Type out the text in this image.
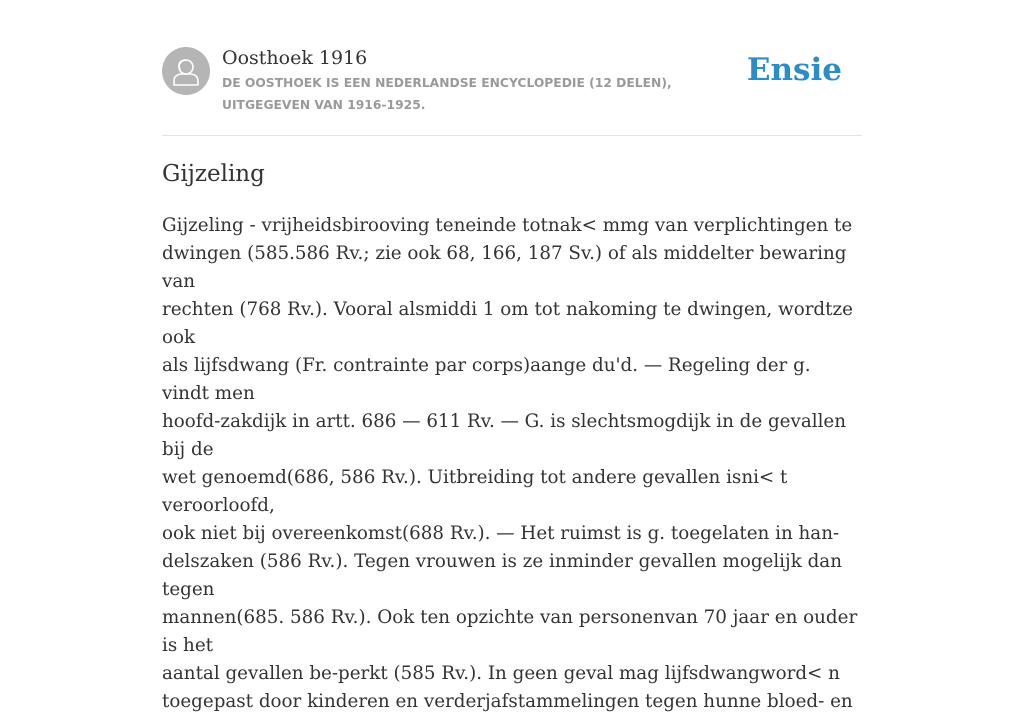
Oosthoek 1916
DE OOSTHOEK IS EEN NEDERLANDSE ENCYCLOPEDIE (12 DELEN), UITGEGEVEN VAN 1916-1925.
Ensie
Gijzeling
Gijzeling - vrijheidsbirooving teneinde totnak< mmg van verplichtingen te
dwingen (585.586 Rv.; zie ook 68, 166, 187 Sv.) of als middelter bewaring van
rechten (768 Rv.). Vooral alsmiddi 1 om tot nakoming te dwingen, wordtze ook
als lijfsdwang (Fr. contrainte par corps)aange du'd. — Regeling der g. vindt men
hoofd-zakdijk in artt. 686 — 611 Rv. — G. is slechtsmogdijk in de gevallen bij de
wet genoemd(686, 586 Rv.). Uitbreiding tot andere gevallen isni< t veroorloofd,
ook niet bij overeenkomst(688 Rv.). — Het ruimst is g. toegelaten in han-
delszaken (586 Rv.). Tegen vrouwen is ze inminder gevallen mogelijk dan tegen
mannen(685. 586 Rv.). Ook ten opzichte van personenvan 70 jaar en ouder is het
aantal gevallen be-perkt (585 Rv.). In geen geval mag lijfsdwangword< n
toegepast door kinderen en verderjafstammelingen tegen hunne bloed- en
